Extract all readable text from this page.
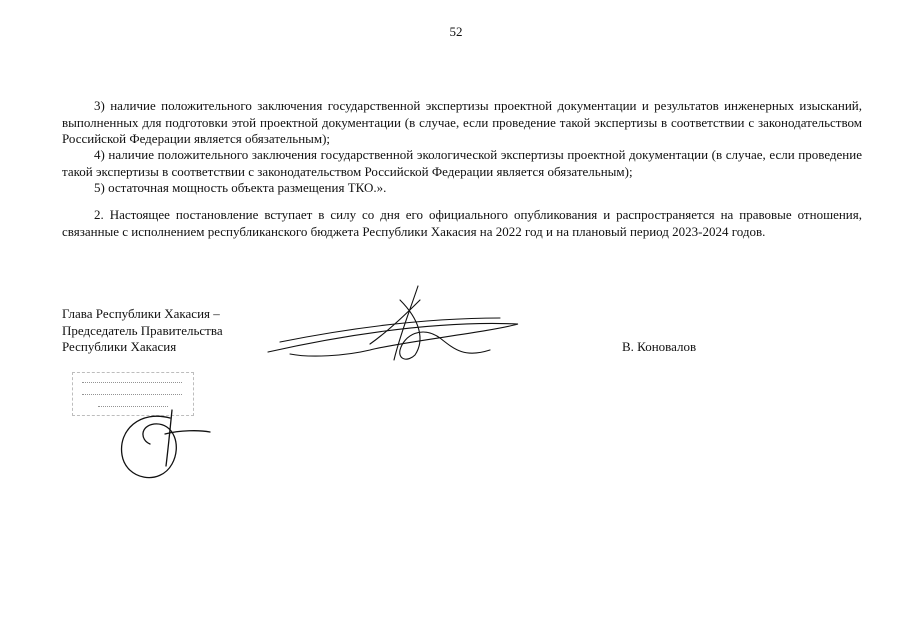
52

3) наличие положительного заключения государственной экспертизы проектной документации и результатов инженерных изысканий, выполненных для подготовки этой проектной документации (в случае, если проведение такой экспертизы в соответствии с законодательством Российской Федерации является обязательным);

4) наличие положительного заключения государственной экологической экспертизы проектной документации (в случае, если проведение такой экспертизы в соответствии с законодательством Российской Федерации является обязательным);

5) остаточная мощность объекта размещения ТКО.».

2. Настоящее постановление вступает в силу со дня его официального опубликования и распространяется на правовые отношения, связанные с исполнением республиканского бюджета Республики Хакасия на 2022 год и на плановый период 2023-2024 годов.

Глава Республики Хакасия –
Председатель Правительства
Республики Хакасия	В. Коновалов
